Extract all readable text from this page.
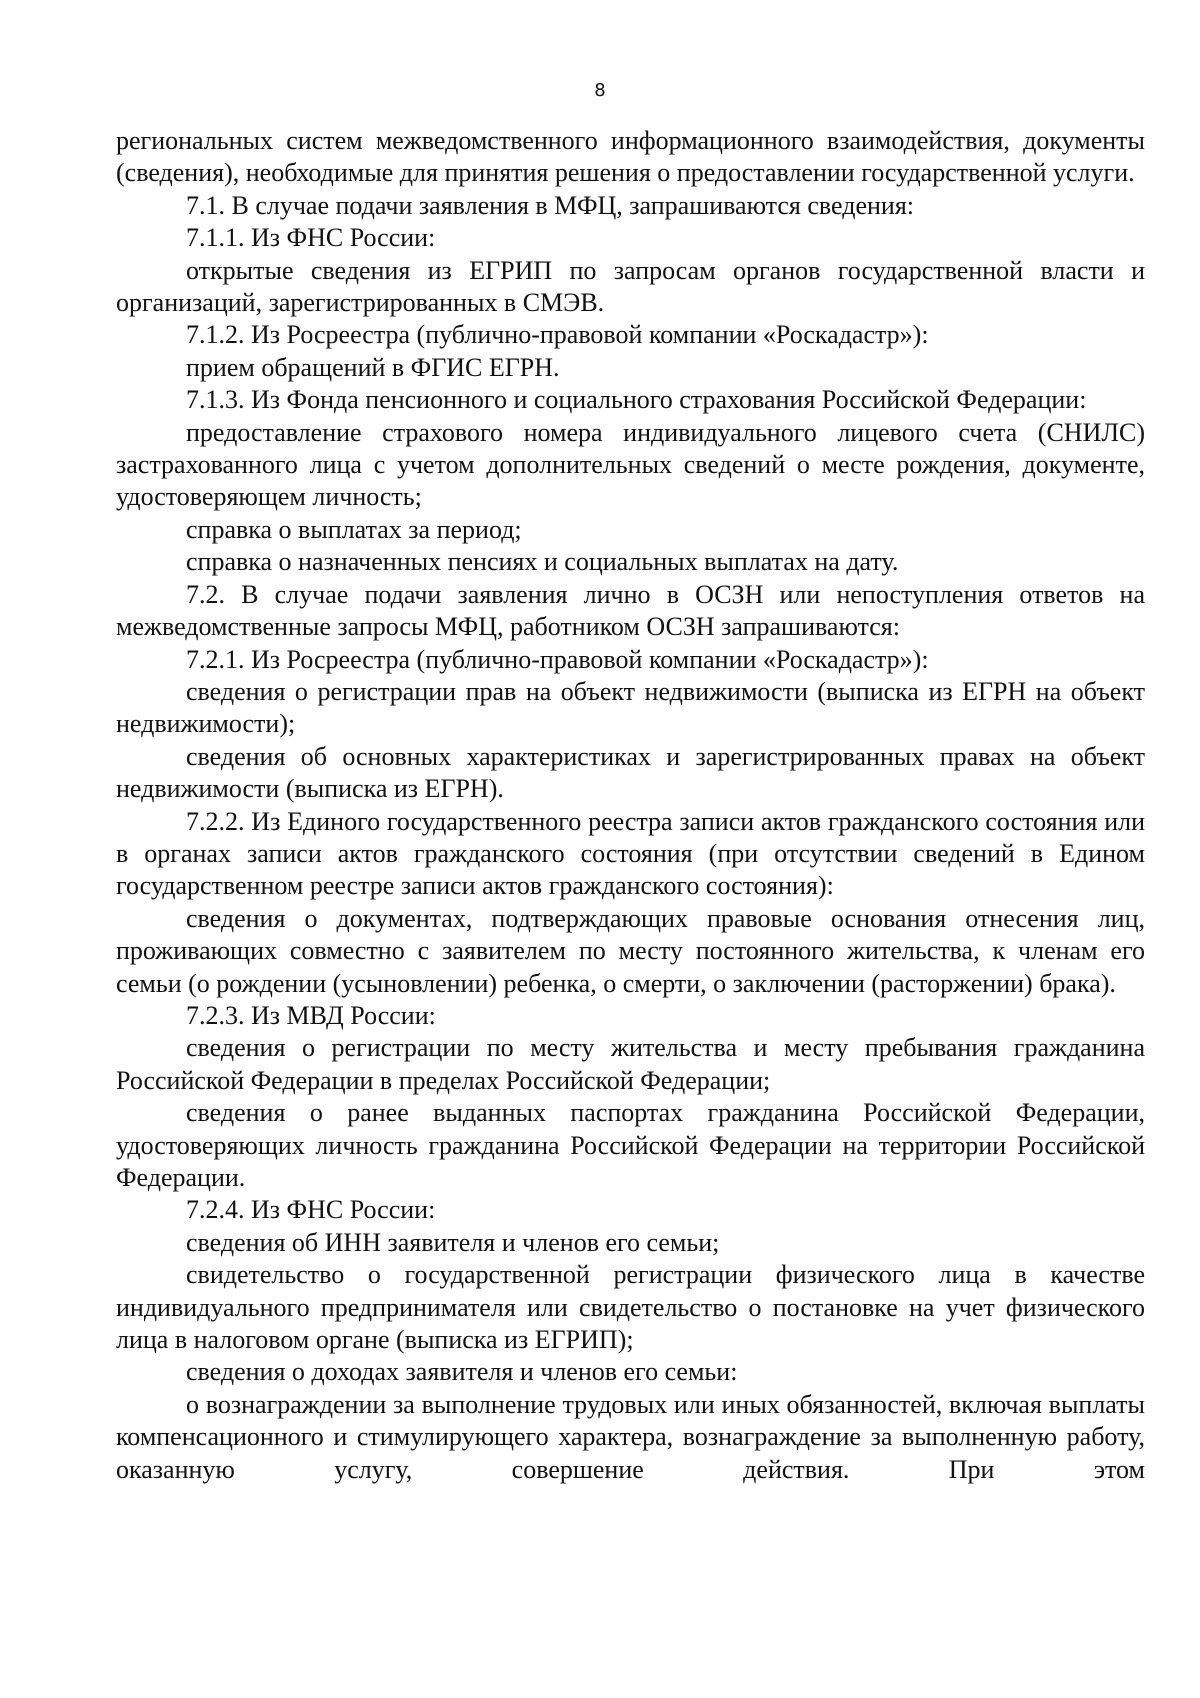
8

региональных систем межведомственного информационного взаимодействия, документы (сведения), необходимые для принятия решения о предоставлении государственной услуги.

7.1. В случае подачи заявления в МФЦ, запрашиваются сведения:

7.1.1. Из ФНС России:

открытые сведения из ЕГРИП по запросам органов государственной власти и организаций, зарегистрированных в СМЭВ.

7.1.2. Из Росреестра (публично-правовой компании «Роскадастр»):

прием обращений в ФГИС ЕГРН.

7.1.3. Из Фонда пенсионного и социального страхования Российской Федерации:

предоставление страхового номера индивидуального лицевого счета (СНИЛС) застрахованного лица с учетом дополнительных сведений о месте рождения, документе, удостоверяющем личность;

справка о выплатах за период;

справка о назначенных пенсиях и социальных выплатах на дату.

7.2. В случае подачи заявления лично в ОСЗН или непоступления ответов на межведомственные запросы МФЦ, работником ОСЗН запрашиваются:

7.2.1. Из Росреестра (публично-правовой компании «Роскадастр»):

сведения о регистрации прав на объект недвижимости (выписка из ЕГРН на объект недвижимости);

сведения об основных характеристиках и зарегистрированных правах на объект недвижимости (выписка из ЕГРН).

7.2.2. Из Единого государственного реестра записи актов гражданского состояния или в органах записи актов гражданского состояния (при отсутствии сведений в Едином государственном реестре записи актов гражданского состояния):

сведения о документах, подтверждающих правовые основания отнесения лиц, проживающих совместно с заявителем по месту постоянного жительства, к членам его семьи (о рождении (усыновлении) ребенка, о смерти, о заключении (расторжении) брака).

7.2.3. Из МВД России:

сведения о регистрации по месту жительства и месту пребывания гражданина Российской Федерации в пределах Российской Федерации;

сведения о ранее выданных паспортах гражданина Российской Федерации, удостоверяющих личность гражданина Российской Федерации на территории Российской Федерации.

7.2.4. Из ФНС России:

сведения об ИНН заявителя и членов его семьи;

свидетельство о государственной регистрации физического лица в качестве индивидуального предпринимателя или свидетельство о постановке на учет физического лица в налоговом органе (выписка из ЕГРИП);

сведения о доходах заявителя и членов его семьи:

о вознаграждении за выполнение трудовых или иных обязанностей, включая выплаты компенсационного и стимулирующего характера, вознаграждение за выполненную работу, оказанную услугу, совершение действия. При этом
